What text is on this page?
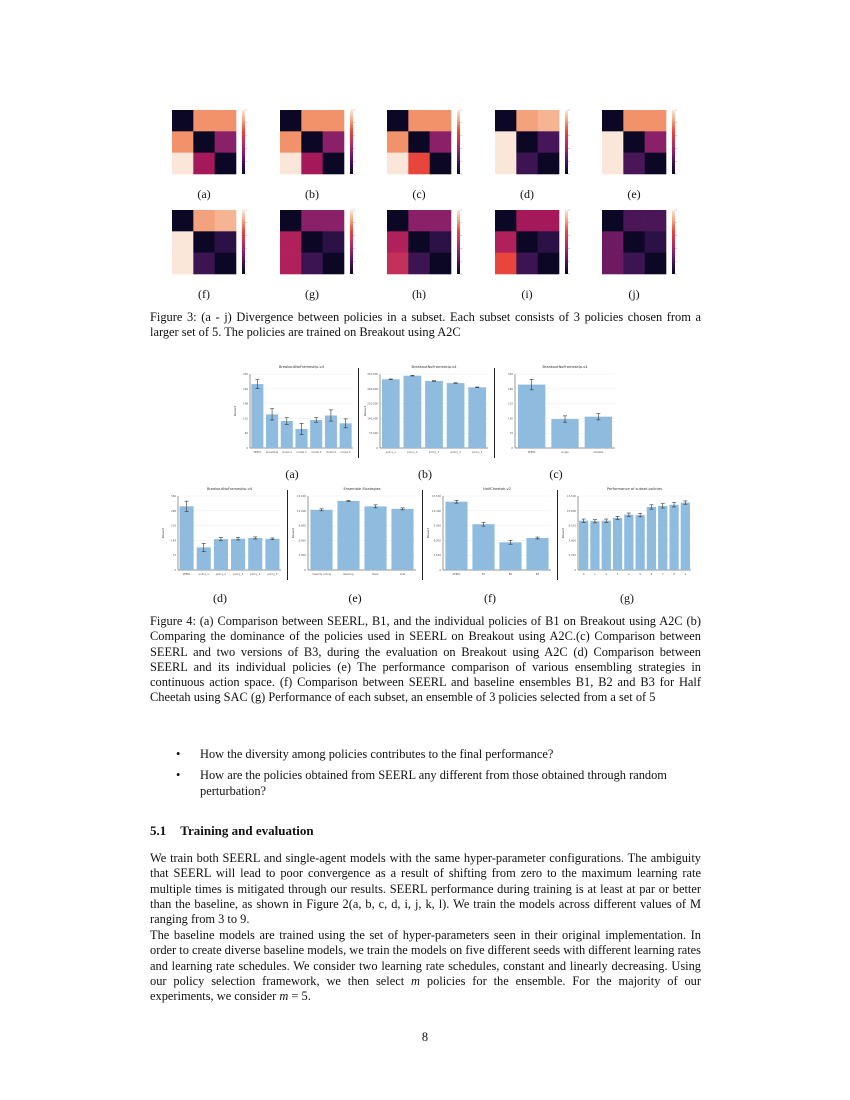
(a)	(b)	(c)	(d)	(e)
(f)	(g)	(h)	(i)	(j)
Figure 3: (a - j) Divergence between policies in a subset. Each subset consists of 3 policies chosen from a larger set of 5. The policies are trained on Breakout using A2C
BreakoutNoFrameskip-v4
0
66
132
198
264
330
Reward
SEERL ensemble model 1 model 2 model 3 model 4 model 5
(a)
BreakoutNoFrameskip-v4
0
70,000
140,000
210,000
280,000
350,000
Reward
policy_1	policy_2	policy_3	policy_4	policy_5
(b)
BreakoutNoFrameskip-v4
0
70
140
210
280
350
SEERL	single	multiple
(c)
BreakoutNoFrameskip-v4
0
72
144
216
288
360
Reward
SEERL	policy_1	policy_2	policy_3	policy_4	policy_5
(d)
Ensemble Strategies
0
3,000
6,000
9,000
12,000
15,000
Reward
majority voting	Ranking	Rank	Vote
(e)
HalfCheetah-v2
0
3,100
6,200
9,300
12,400
15,500
Reward
SEERL	B1	B2	B3
(f)
Performance of subset policies
0
2,700
5,400
8,100
10,800
13,500
Reward
0	1	2	3	4	5	6	7	8	9
(g)
Figure 4: (a) Comparison between SEERL, B1, and the individual policies of B1 on Breakout using A2C (b) Comparing the dominance of the policies used in SEERL on Breakout using A2C.(c) Comparison between SEERL and two versions of B3, during the evaluation on Breakout using A2C (d) Comparison between SEERL and its individual policies (e) The performance comparison of various ensembling strategies in continuous action space. (f) Comparison between SEERL and baseline ensembles B1, B2 and B3 for Half Cheetah using SAC (g) Performance of each subset, an ensemble of 3 policies selected from a set of 5
• How the diversity among policies contributes to the final performance?
• How are the policies obtained from SEERL any different from those obtained through random perturbation?
5.1 Training and evaluation
We train both SEERL and single-agent models with the same hyper-parameter configurations. The ambiguity that SEERL will lead to poor convergence as a result of shifting from zero to the maximum learning rate multiple times is mitigated through our results. SEERL performance during training is at least at par or better than the baseline, as shown in Figure 2(a, b, c, d, i, j, k, l). We train the models across different values of M ranging from 3 to 9.
The baseline models are trained using the set of hyper-parameters seen in their original implementation. In order to create diverse baseline models, we train the models on five different seeds with different learning rates and learning rate schedules. We consider two learning rate schedules, constant and linearly decreasing. Using our policy selection framework, we then select m policies for the ensemble. For the majority of our experiments, we consider m = 5.
8
